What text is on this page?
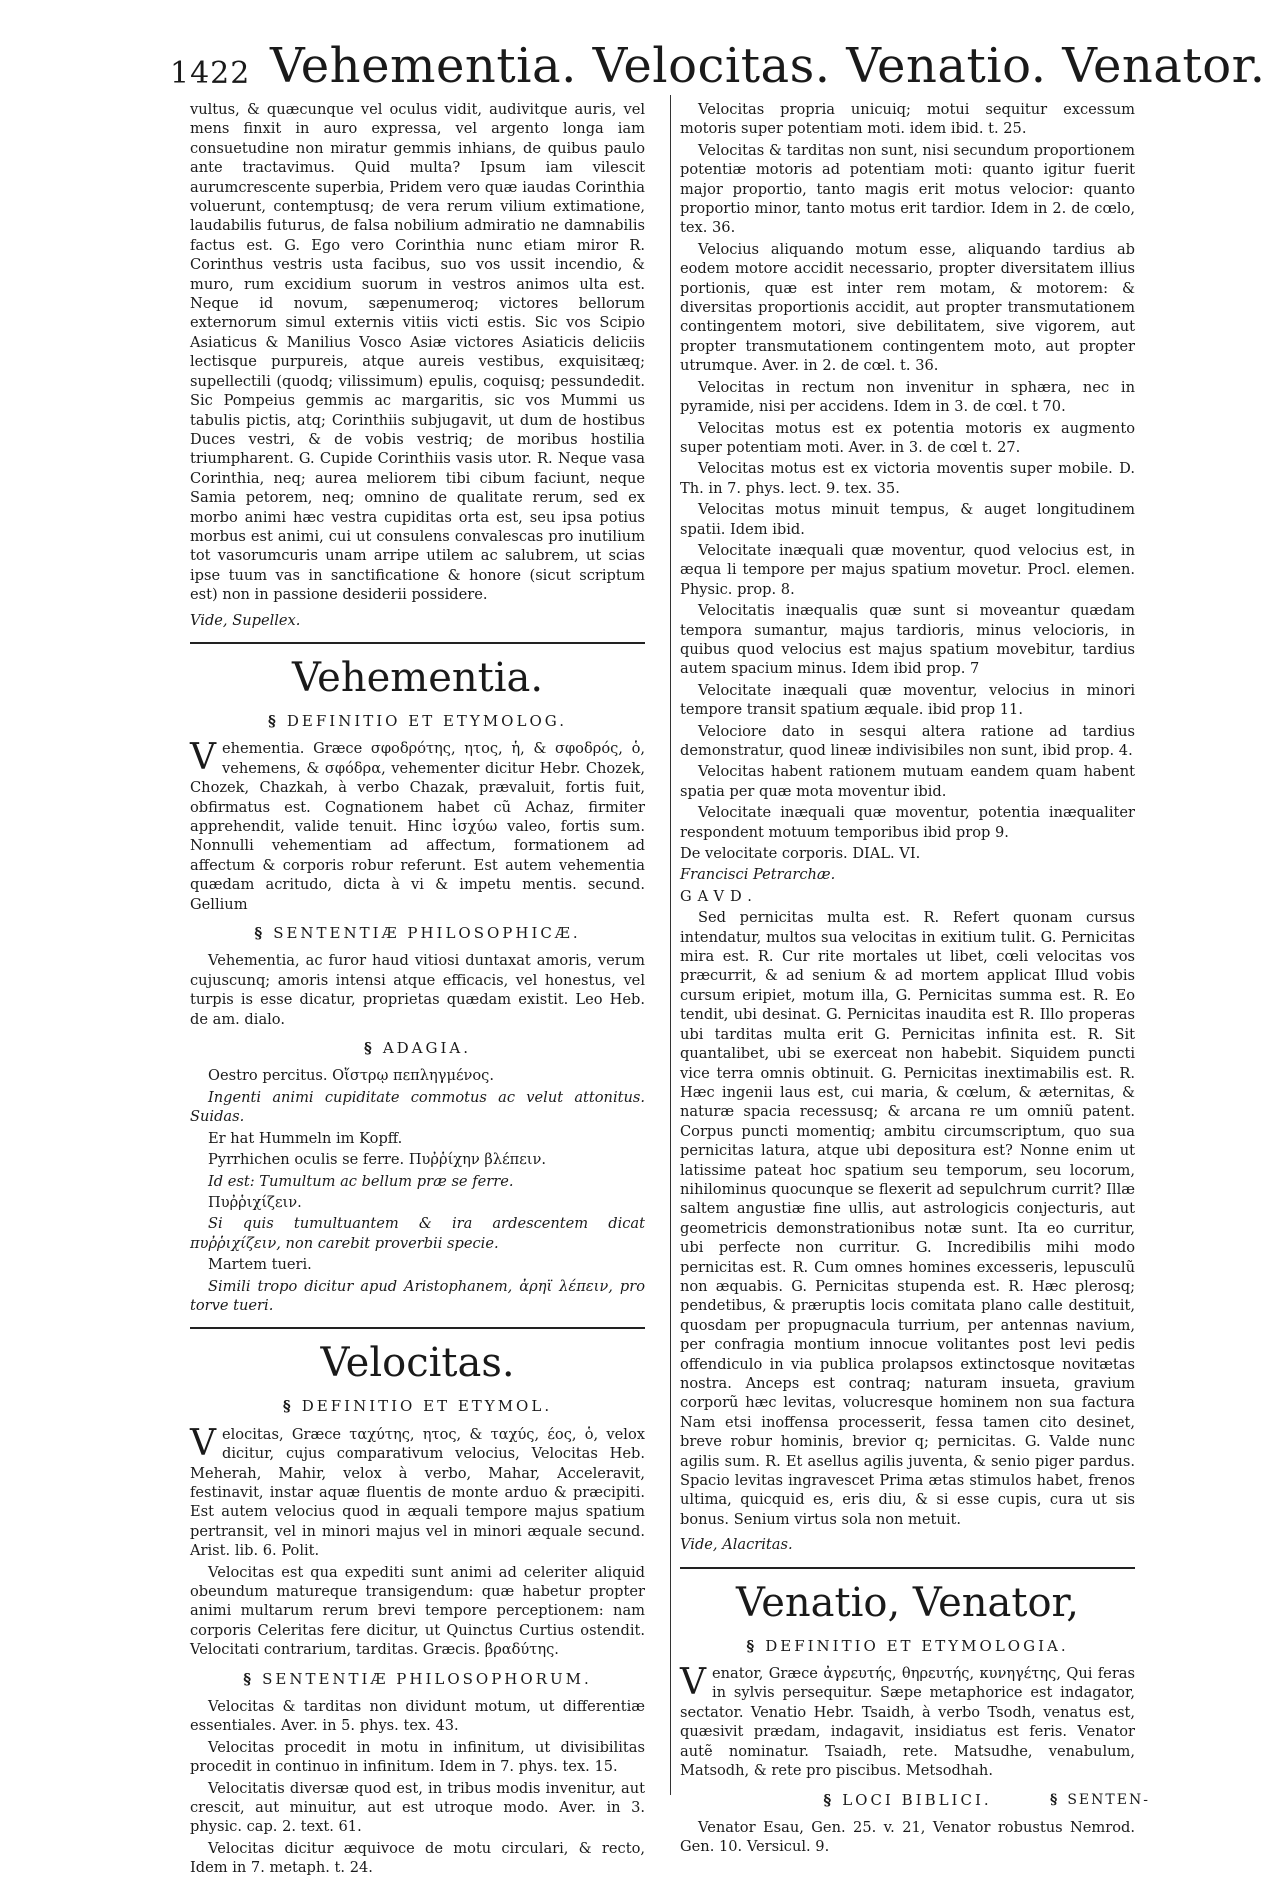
1422 Vehementia. Velocitas. Venatio. Venator.

vultus, & quæcunque vel oculus vidit, audivitque auris, vel mens finxit in auro expressa, vel argento longa iam consuetudine non miratur gemmis inhians, de quibus paulo ante tractavimus. Quid multa? Ipsum iam vilescit aurumcrescente superbia, Pridem vero quæ iaudas Corinthia voluerunt, contemptusq; de vera rerum vilium extimatione, laudabilis futurus, de falsa nobilium admiratio ne damnabilis factus est. G. Ego vero Corinthia nunc etiam miror R. Corinthus vestris usta facibus, suo vos ussit incendio, & muro, rum excidium suorum in vestros animos ulta est. Neque id novum, sæpenumeroq; victores bellorum externorum simul externis vitiis victi estis. Sic vos Scipio Asiaticus & Manilius Vosco Asiæ victores Asiaticis deliciis lectisque purpureis, atque aureis vestibus, exquisitæq; supellectili (quodq; vilissimum) epulis, coquisq; pessundedit. Sic Pompeius gemmis ac margaritis, sic vos Mummi us tabulis pictis, atq; Corinthiis subjugavit, ut dum de hostibus Duces vestri, & de vobis vestriq; de moribus hostilia triumpharent. G. Cupide Corinthiis vasis utor. R. Neque vasa Corinthia, neq; aurea meliorem tibi cibum faciunt, neque Samia petorem, neq; omnino de qualitate rerum, sed ex morbo animi hæc vestra cupiditas orta est, seu ipsa potius morbus est animi, cui ut consulens convalescas pro inutilium tot vasorumcuris unam arripe utilem ac salubrem, ut scias ipse tuum vas in sanctificatione & honore (sicut scriptum est) non in passione desiderii possidere.

Vide, Supellex.

Vehementia.
§ DEFINITIO ET ETYMOLOG.

Vehementia. Græce σφοδρότης, ητος, ἡ, & σφοδρός, ὁ, vehemens, & σφόδρα, vehementer dicitur Hebr. Chozek, Chozek, Chazkah, à verbo Chazak, prævaluit, fortis fuit, obfirmatus est. Cognationem habet cũ Achaz, firmiter apprehendit, valide tenuit. Hinc ἰσχύω valeo, fortis sum. Nonnulli vehementiam ad affectum, formationem ad affectum & corporis robur referunt. Est autem vehementia quædam acritudo, dicta à vi & impetu mentis. secund. Gellium

§ SENTENTIÆ PHILOSOPHICÆ.

Vehementia, ac furor haud vitiosi duntaxat amoris, verum cujuscunq; amoris intensi atque efficacis, vel honestus, vel turpis is esse dicatur, proprietas quædam existit. Leo Heb. de am. dialo.

§ ADAGIA.

Oestro percitus. Οἴστρῳ πεπληγμένος.

Ingenti animi cupiditate commotus ac velut attonitus. Suidas.

Er hat Hummeln im Kopff.

Pyrrhichen oculis se ferre. Πυῤῥίχην βλέπειν.

Id est: Tumultum ac bellum præ se ferre.

Πυῤῥιχίζειν.

Si quis tumultuantem & ira ardescentem dicat πυῤῥιχίζειν, non carebit proverbii specie.

Martem tueri.

Simili tropo dicitur apud Aristophanem, ἀρηϊ λέπειν, pro torve tueri.

Velocitas.
§ DEFINITIO ET ETYMOL.

Velocitas, Græce ταχύτης, ητος, & ταχύς, έος, ὁ, velox dicitur, cujus comparativum velocius, Velocitas Heb. Meherah, Mahir, velox à verbo, Mahar, Acceleravit, festinavit, instar aquæ fluentis de monte arduo & præcipiti. Est autem velocius quod in æquali tempore majus spatium pertransit, vel in minori majus vel in minori æquale secund. Arist. lib. 6. Polit.

Velocitas est qua expediti sunt animi ad celeriter aliquid obeundum matureque transigendum: quæ habetur propter animi multarum rerum brevi tempore perceptionem: nam corporis Celeritas fere dicitur, ut Quinctus Curtius ostendit. Velocitati contrarium, tarditas. Græcis. βραδύτης.

§ SENTENTIÆ PHILOSOPHORUM.

Velocitas & tarditas non dividunt motum, ut differentiæ essentiales. Aver. in 5. phys. tex. 43.

Velocitas procedit in motu in infinitum, ut divisibilitas procedit in continuo in infinitum. Idem in 7. phys. tex. 15.

Velocitatis diversæ quod est, in tribus modis invenitur, aut crescit, aut minuitur, aut est utroque modo. Aver. in 3. physic. cap. 2. text. 61.

Velocitas dicitur æquivoce de motu circulari, & recto, Idem in 7. metaph. t. 24.

Velocitas propria unicuiq; motui sequitur excessum motoris super potentiam moti. idem ibid. t. 25.

Velocitas & tarditas non sunt, nisi secundum proportionem potentiæ motoris ad potentiam moti: quanto igitur fuerit major proportio, tanto magis erit motus velocior: quanto proportio minor, tanto motus erit tardior. Idem in 2. de cœlo, tex. 36.

Velocius aliquando motum esse, aliquando tardius ab eodem motore accidit necessario, propter diversitatem illius portionis, quæ est inter rem motam, & motorem: & diversitas proportionis accidit, aut propter transmutationem contingentem motori, sive debilitatem, sive vigorem, aut propter transmutationem contingentem moto, aut propter utrumque. Aver. in 2. de cœl. t. 36.

Velocitas in rectum non invenitur in sphæra, nec in pyramide, nisi per accidens. Idem in 3. de cœl. t 70.

Velocitas motus est ex potentia motoris ex augmento super potentiam moti. Aver. in 3. de cœl t. 27.

Velocitas motus est ex victoria moventis super mobile. D. Th. in 7. phys. lect. 9. tex. 35.

Velocitas motus minuit tempus, & auget longitudinem spatii. Idem ibid.

Velocitate inæquali quæ moventur, quod velocius est, in æqua li tempore per majus spatium movetur. Procl. elemen. Physic. prop. 8.

Velocitatis inæqualis quæ sunt si moveantur quædam tempora sumantur, majus tardioris, minus velocioris, in quibus quod velocius est majus spatium movebitur, tardius autem spacium minus. Idem ibid prop. 7

Velocitate inæquali quæ moventur, velocius in minori tempore transit spatium æquale. ibid prop 11.

Velociore dato in sesqui altera ratione ad tardius demonstratur, quod lineæ indivisibiles non sunt, ibid prop. 4.

Velocitas habent rationem mutuam eandem quam habent spatia per quæ mota moventur ibid.

Velocitate inæquali quæ moventur, potentia inæqualiter respondent motuum temporibus ibid prop 9.

De velocitate corporis. DIAL. VI.

Francisci Petrarchæ.

GAVD.

Sed pernicitas multa est. R. Refert quonam cursus intendatur, multos sua velocitas in exitium tulit. G. Pernicitas mira est. R. Cur rite mortales ut libet, cœli velocitas vos præcurrit, & ad senium & ad mortem applicat Illud vobis cursum eripiet, motum illa, G. Pernicitas summa est. R. Eo tendit, ubi desinat. G. Pernicitas inaudita est R. Illo properas ubi tarditas multa erit G. Pernicitas infinita est. R. Sit quantalibet, ubi se exerceat non habebit. Siquidem puncti vice terra omnis obtinuit. G. Pernicitas inextimabilis est. R. Hæc ingenii laus est, cui maria, & cœlum, & æternitas, & naturæ spacia recessusq; & arcana re um omniũ patent. Corpus puncti momentiq; ambitu circumscriptum, quo sua pernicitas latura, atque ubi depositura est? Nonne enim ut latissime pateat hoc spatium seu temporum, seu locorum, nihilominus quocunque se flexerit ad sepulchrum currit? Illæ saltem angustiæ fine ullis, aut astrologicis conjecturis, aut geometricis demonstrationibus notæ sunt. Ita eo curritur, ubi perfecte non curritur. G. Incredibilis mihi modo pernicitas est. R. Cum omnes homines excesseris, lepusculũ non æquabis. G. Pernicitas stupenda est. R. Hæc plerosq; pendetibus, & præruptis locis comitata plano calle destituit, quosdam per propugnacula turrium, per antennas navium, per confragia montium innocue volitantes post levi pedis offendiculo in via publica prolapsos extinctosque novitætas nostra. Anceps est contraq; naturam insueta, gravium corporũ hæc levitas, volucresque hominem non sua factura Nam etsi inoffensa processerit, fessa tamen cito desinet, breve robur hominis, brevior q; pernicitas. G. Valde nunc agilis sum. R. Et asellus agilis juventa, & senio piger pardus. Spacio levitas ingravescet Prima ætas stimulos habet, frenos ultima, quicquid es, eris diu, & si esse cupis, cura ut sis bonus. Senium virtus sola non metuit.

Vide, Alacritas.

Venatio, Venator,
§ DEFINITIO ET ETYMOLOGIA.

Venator, Græce ἀγρευτής, θηρευτής, κυνηγέτης, Qui feras in sylvis persequitur. Sæpe metaphorice est indagator, sectator. Venatio Hebr. Tsaidh, à verbo Tsodh, venatus est, quæsivit prædam, indagavit, insidiatus est feris. Venator autẽ nominatur. Tsaiadh, rete. Matsudhe, venabulum, Matsodh, & rete pro piscibus. Metsodhah.

§ LOCI BIBLICI.

Venator Esau, Gen. 25. v. 21, Venator robustus Nemrod. Gen. 10. Versicul. 9.

§ SENTEN-
